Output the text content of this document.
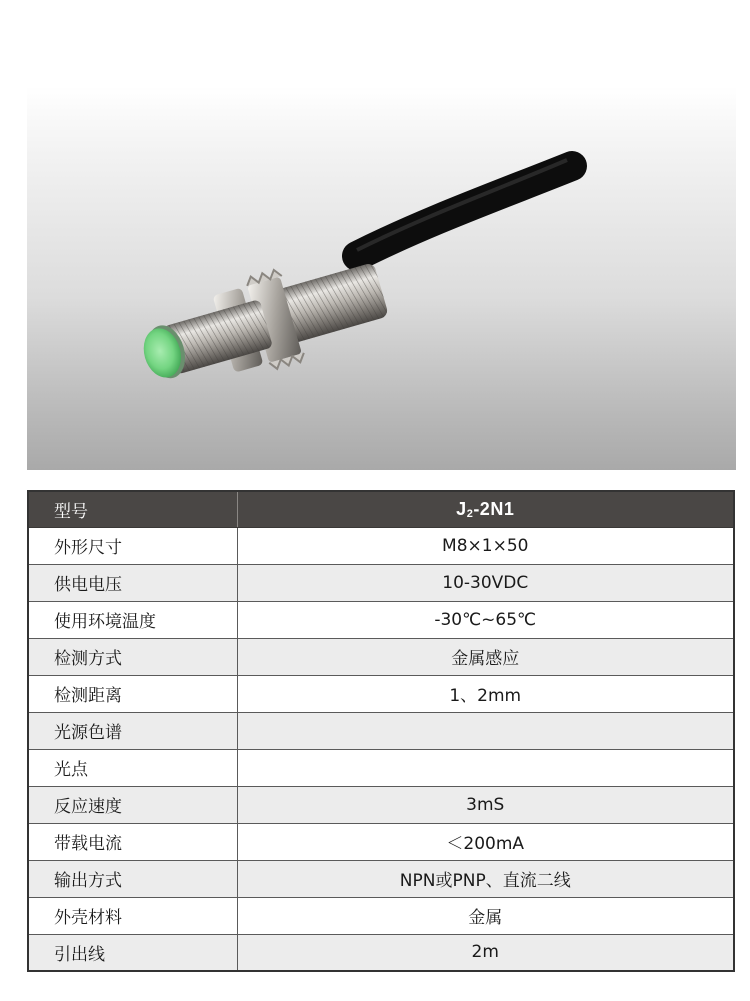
型号	J2-2N1
外形尺寸	M8×1×50
供电电压	10-30VDC
使用环境温度	-30℃~65℃
检测方式	金属感应
检测距离	1、2mm
光源色谱	
光点	
反应速度	3mS
带载电流	＜200mA
输出方式	NPN或PNP、直流二线
外壳材料	金属
引出线	2m
